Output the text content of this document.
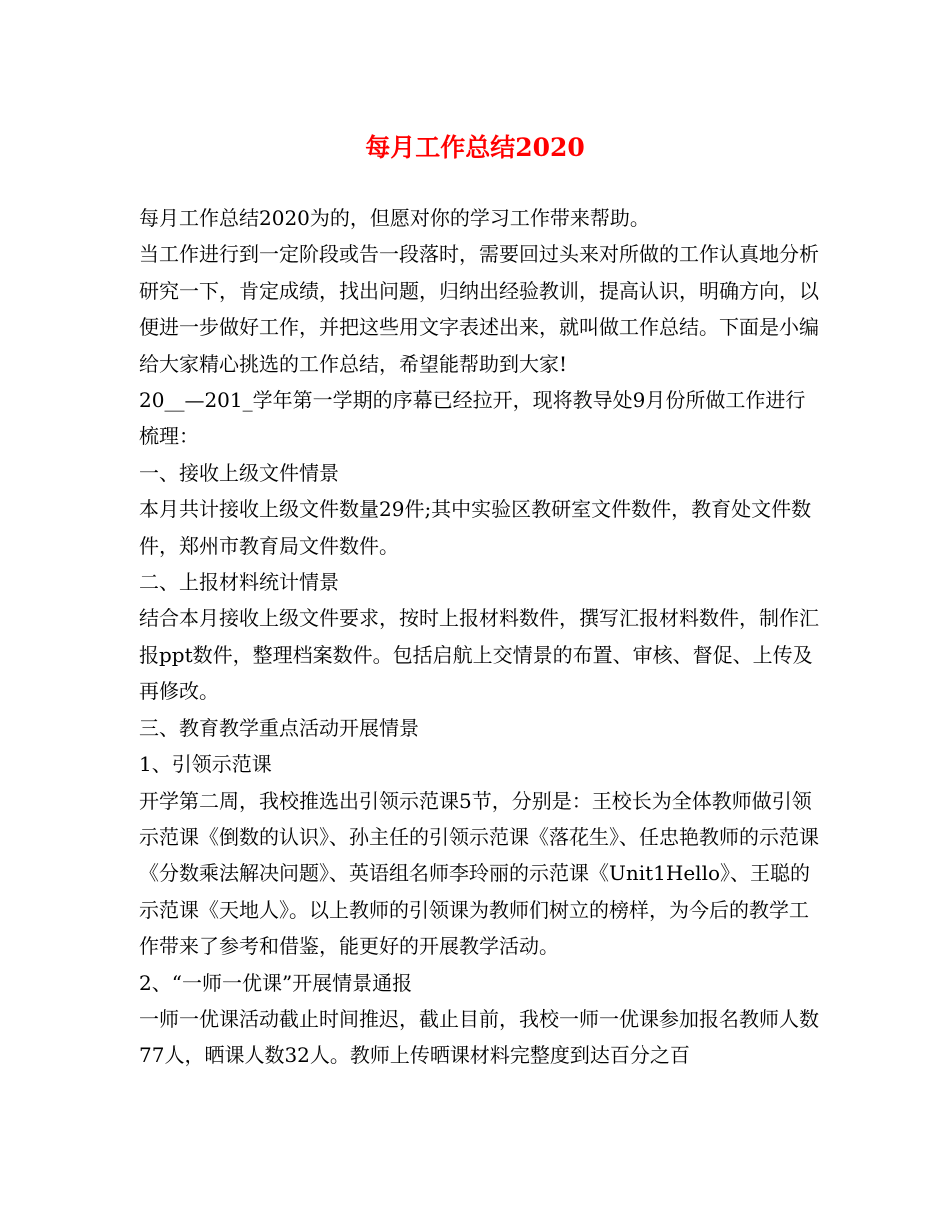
每月工作总结2020

每月工作总结2020为的，但愿对你的学习工作带来帮助。

当工作进行到一定阶段或告一段落时，需要回过头来对所做的工作认真地分析研究一下，肯定成绩，找出问题，归纳出经验教训，提高认识，明确方向，以便进一步做好工作，并把这些用文字表述出来，就叫做工作总结。下面是小编给大家精心挑选的工作总结，希望能帮助到大家!

20__—201_学年第一学期的序幕已经拉开，现将教导处9月份所做工作进行梳理：

一、接收上级文件情景

本月共计接收上级文件数量29件;其中实验区教研室文件数件，教育处文件数件，郑州市教育局文件数件。

二、上报材料统计情景

结合本月接收上级文件要求，按时上报材料数件，撰写汇报材料数件，制作汇报ppt数件，整理档案数件。包括启航上交情景的布置、审核、督促、上传及再修改。

三、教育教学重点活动开展情景

1、引领示范课

开学第二周，我校推选出引领示范课5节，分别是：王校长为全体教师做引领示范课《倒数的认识》、孙主任的引领示范课《落花生》、任忠艳教师的示范课《分数乘法解决问题》、英语组名师李玲丽的示范课《Unit1Hello》、王聪的示范课《天地人》。以上教师的引领课为教师们树立的榜样，为今后的教学工作带来了参考和借鉴，能更好的开展教学活动。

2、“一师一优课”开展情景通报

一师一优课活动截止时间推迟，截止目前，我校一师一优课参加报名教师人数77人，晒课人数32人。教师上传晒课材料完整度到达百分之百
